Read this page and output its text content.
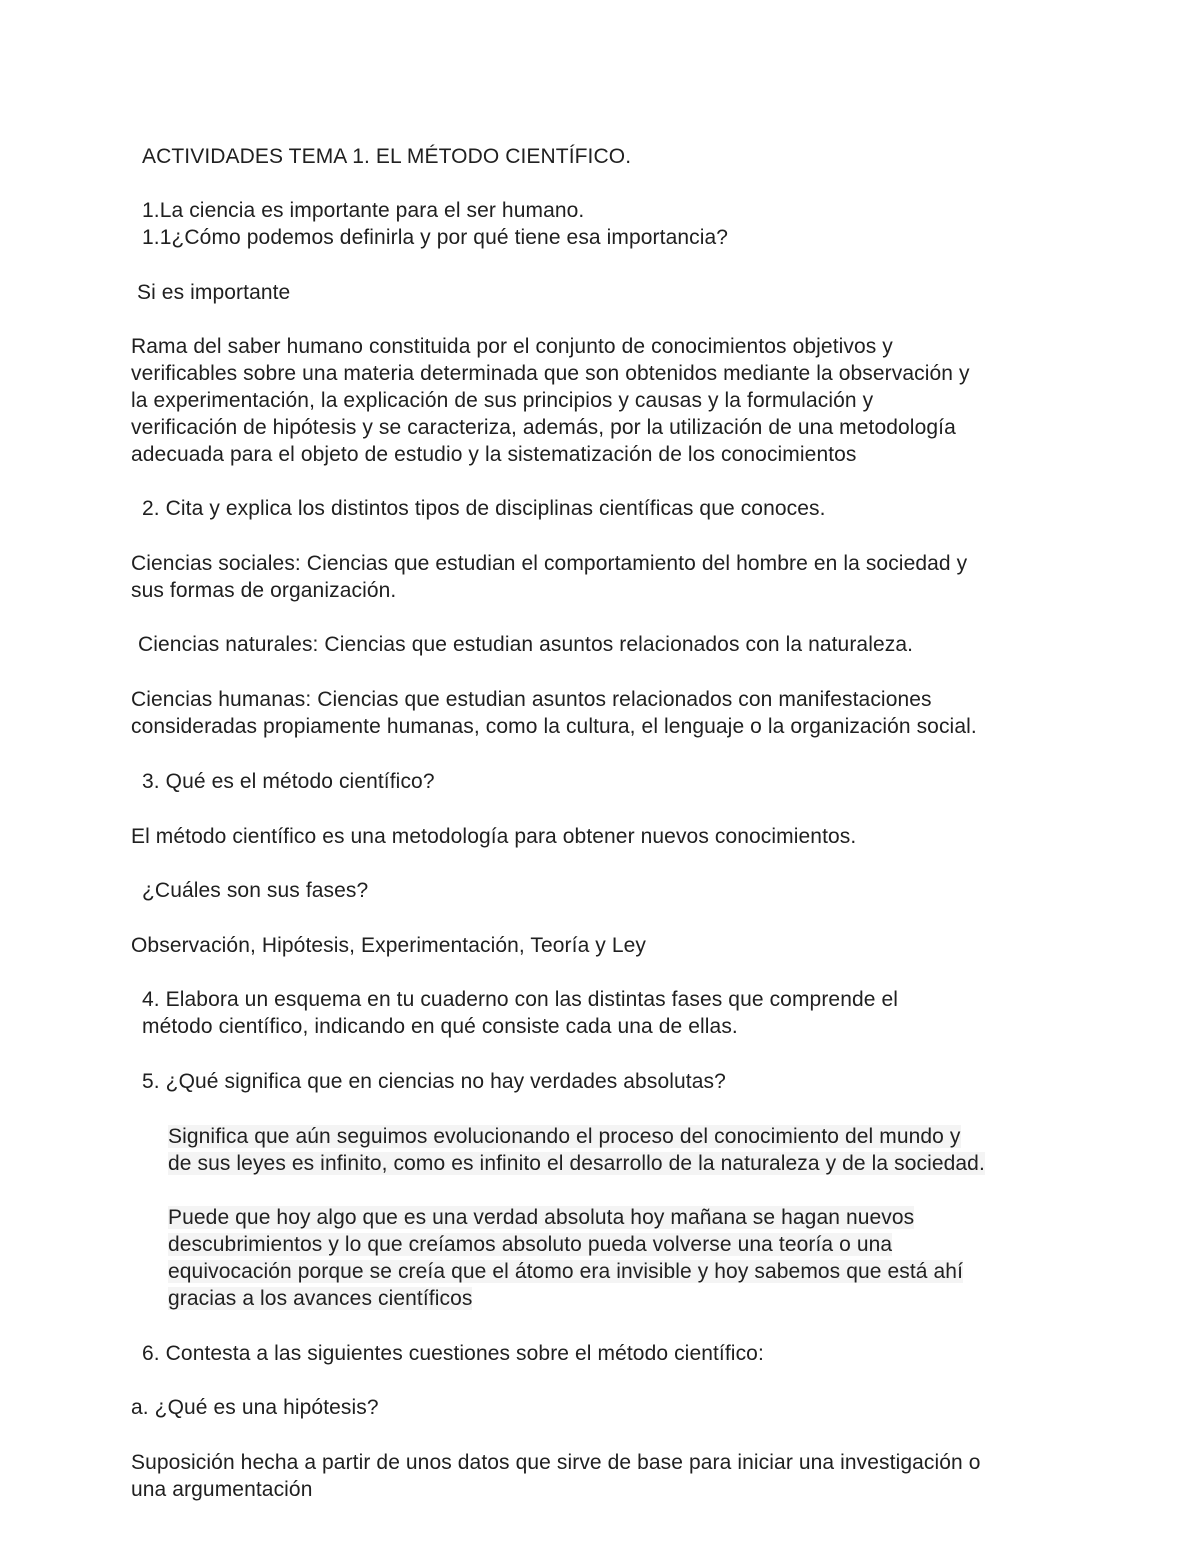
ACTIVIDADES TEMA 1. EL MÉTODO CIENTÍFICO.
1.La ciencia es importante para el ser humano.
1.1¿Cómo podemos definirla y por qué tiene esa importancia?
Si es importante
Rama del saber humano constituida por el conjunto de conocimientos objetivos y
verificables sobre una materia determinada que son obtenidos mediante la observación y
la experimentación, la explicación de sus principios y causas y la formulación y
verificación de hipótesis y se caracteriza, además, por la utilización de una metodología
adecuada para el objeto de estudio y la sistematización de los conocimientos
2. Cita y explica los distintos tipos de disciplinas científicas que conoces.
Ciencias sociales: Ciencias que estudian el comportamiento del hombre en la sociedad y
sus formas de organización.
Ciencias naturales: Ciencias que estudian asuntos relacionados con la naturaleza.
Ciencias humanas: Ciencias que estudian asuntos relacionados con manifestaciones
consideradas propiamente humanas, como la cultura, el lenguaje o la organización social.
3. Qué es el método científico?
El método científico es una metodología para obtener nuevos conocimientos.
¿Cuáles son sus fases?
Observación, Hipótesis, Experimentación, Teoría y Ley
4. Elabora un esquema en tu cuaderno con las distintas fases que comprende el
método científico, indicando en qué consiste cada una de ellas.
5. ¿Qué significa que en ciencias no hay verdades absolutas?
Significa que aún seguimos evolucionando el proceso del conocimiento del mundo y
de sus leyes es infinito, como es infinito el desarrollo de la naturaleza y de la sociedad.
Puede que hoy algo que es una verdad absoluta hoy mañana se hagan nuevos
descubrimientos y lo que creíamos absoluto pueda volverse una teoría o una
equivocación porque se creía que el átomo era invisible y hoy sabemos que está ahí
gracias a los avances científicos
6. Contesta a las siguientes cuestiones sobre el método científico:
a. ¿Qué es una hipótesis?
Suposición hecha a partir de unos datos que sirve de base para iniciar una investigación o
una argumentación
